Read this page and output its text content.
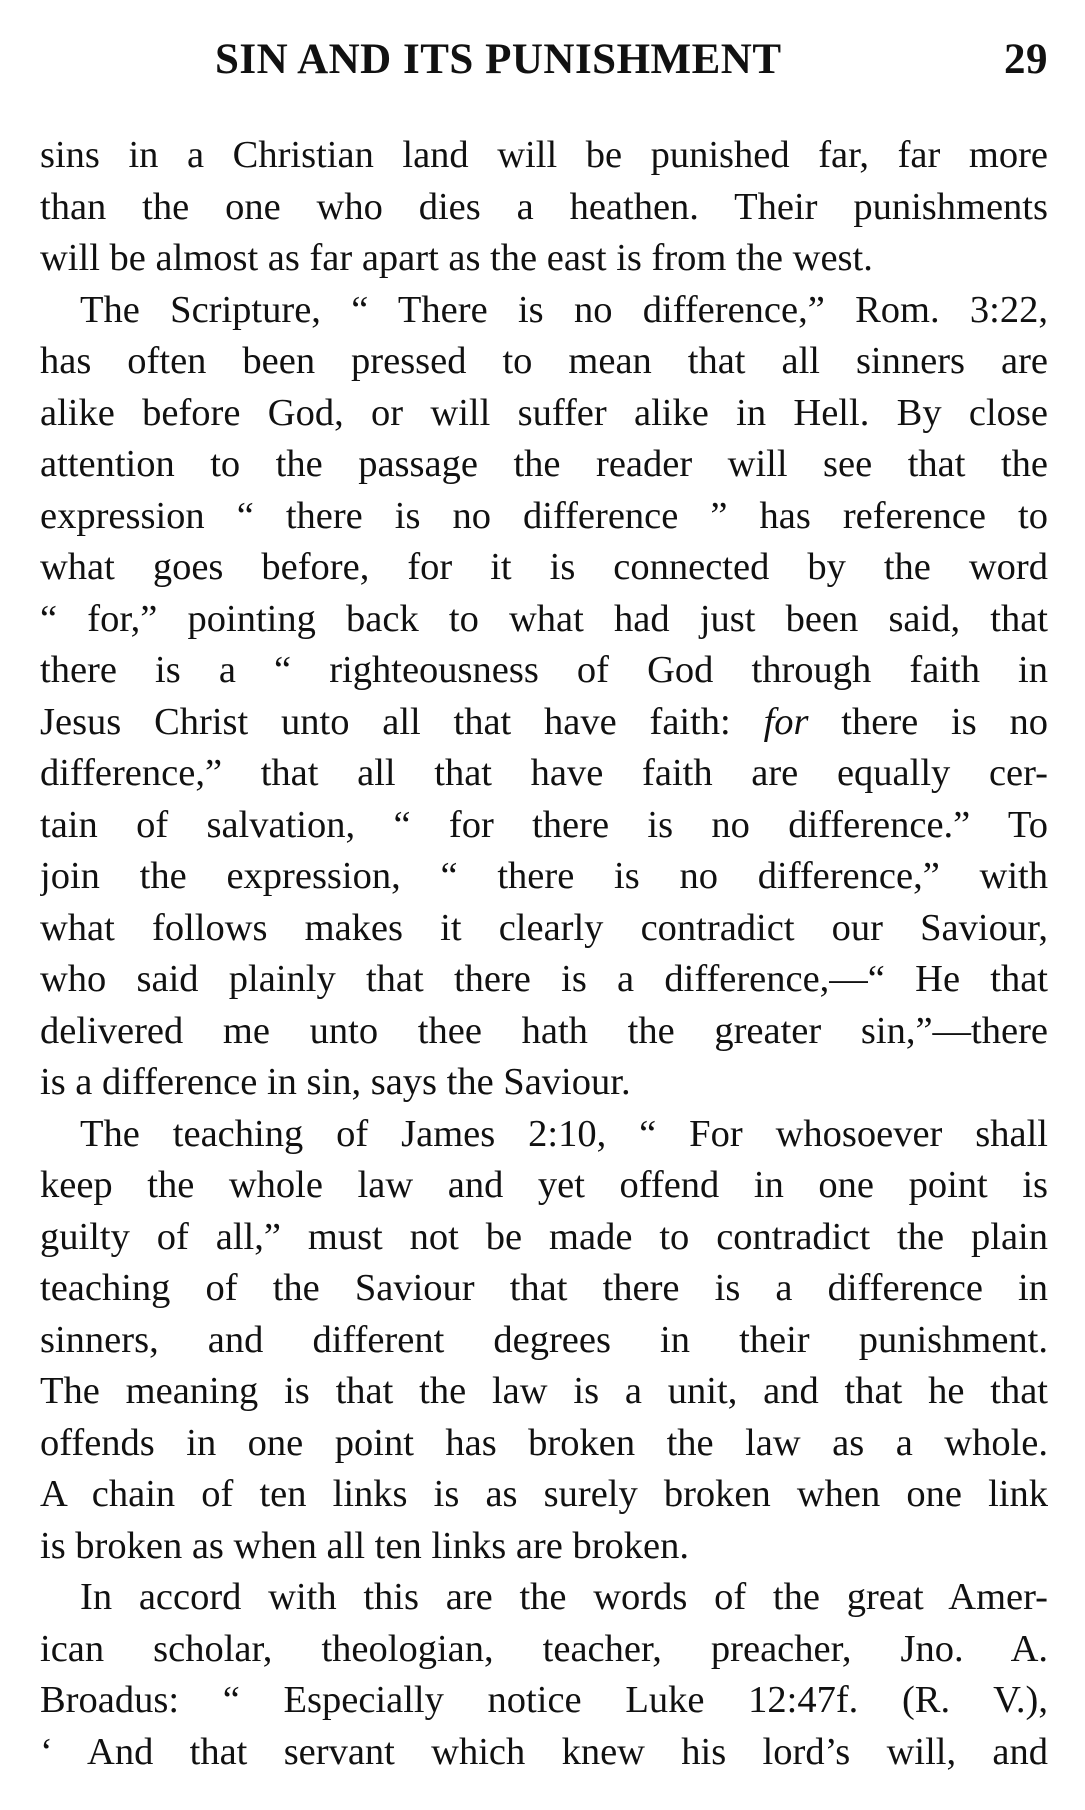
SIN AND ITS PUNISHMENT	29
sins in a Christian land will be punished far, far more
than the one who dies a heathen. Their punishments
will be almost as far apart as the east is from the west.
The Scripture, “ There is no difference,” Rom. 3:22,
has often been pressed to mean that all sinners are
alike before God, or will suffer alike in Hell. By close
attention to the passage the reader will see that the
expression “ there is no difference ” has reference to
what goes before, for it is connected by the word
“ for,” pointing back to what had just been said, that
there is a “ righteousness of God through faith in
Jesus Christ unto all that have faith: for there is no
difference,” that all that have faith are equally cer-
tain of salvation, “ for there is no difference.” To
join the expression, “ there is no difference,” with
what follows makes it clearly contradict our Saviour,
who said plainly that there is a difference,—“ He that
delivered me unto thee hath the greater sin,”—there
is a difference in sin, says the Saviour.
The teaching of James 2:10, “ For whosoever shall
keep the whole law and yet offend in one point is
guilty of all,” must not be made to contradict the plain
teaching of the Saviour that there is a difference in
sinners, and different degrees in their punishment.
The meaning is that the law is a unit, and that he that
offends in one point has broken the law as a whole.
A chain of ten links is as surely broken when one link
is broken as when all ten links are broken.
In accord with this are the words of the great Amer-
ican scholar, theologian, teacher, preacher, Jno. A.
Broadus: “ Especially notice Luke 12:47f. (R. V.),
‘ And that servant which knew his lord’s will, and
